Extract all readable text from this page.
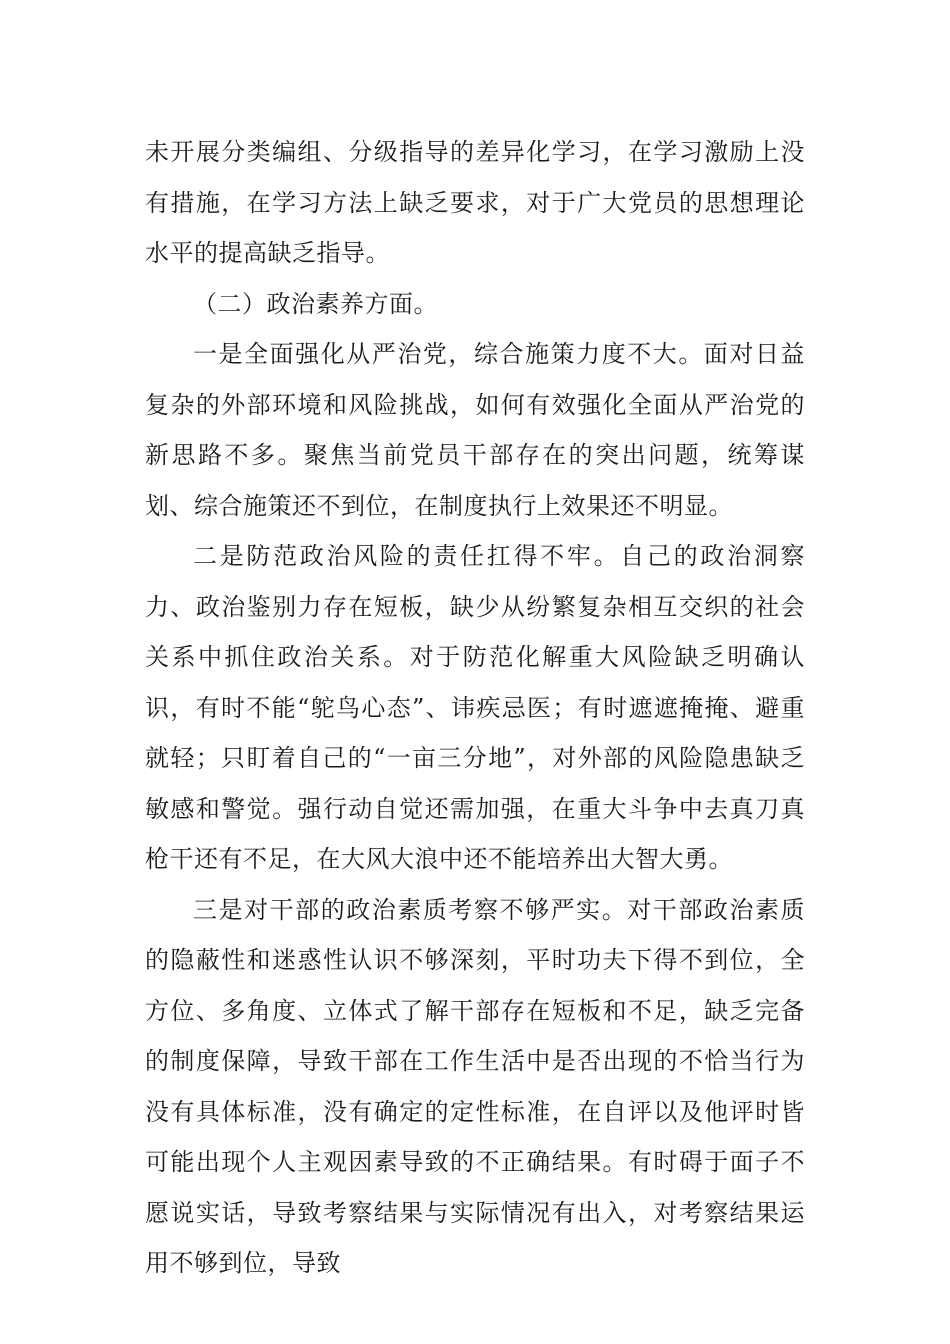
未开展分类编组、分级指导的差异化学习，在学习激励上没有措施，在学习方法上缺乏要求，对于广大党员的思想理论水平的提高缺乏指导。

（二）政治素养方面。

一是全面强化从严治党，综合施策力度不大。面对日益复杂的外部环境和风险挑战，如何有效强化全面从严治党的新思路不多。聚焦当前党员干部存在的突出问题，统筹谋划、综合施策还不到位，在制度执行上效果还不明显。

二是防范政治风险的责任扛得不牢。自己的政治洞察力、政治鉴别力存在短板，缺少从纷繁复杂相互交织的社会关系中抓住政治关系。对于防范化解重大风险缺乏明确认识，有时不能“鸵鸟心态”、讳疾忌医；有时遮遮掩掩、避重就轻；只盯着自己的“一亩三分地”，对外部的风险隐患缺乏敏感和警觉。强行动自觉还需加强，在重大斗争中去真刀真枪干还有不足，在大风大浪中还不能培养出大智大勇。

三是对干部的政治素质考察不够严实。对干部政治素质的隐蔽性和迷惑性认识不够深刻，平时功夫下得不到位，全方位、多角度、立体式了解干部存在短板和不足，缺乏完备的制度保障，导致干部在工作生活中是否出现的不恰当行为没有具体标准，没有确定的定性标准，在自评以及他评时皆可能出现个人主观因素导致的不正确结果。有时碍于面子不愿说实话，导致考察结果与实际情况有出入，对考察结果运用不够到位，导致
